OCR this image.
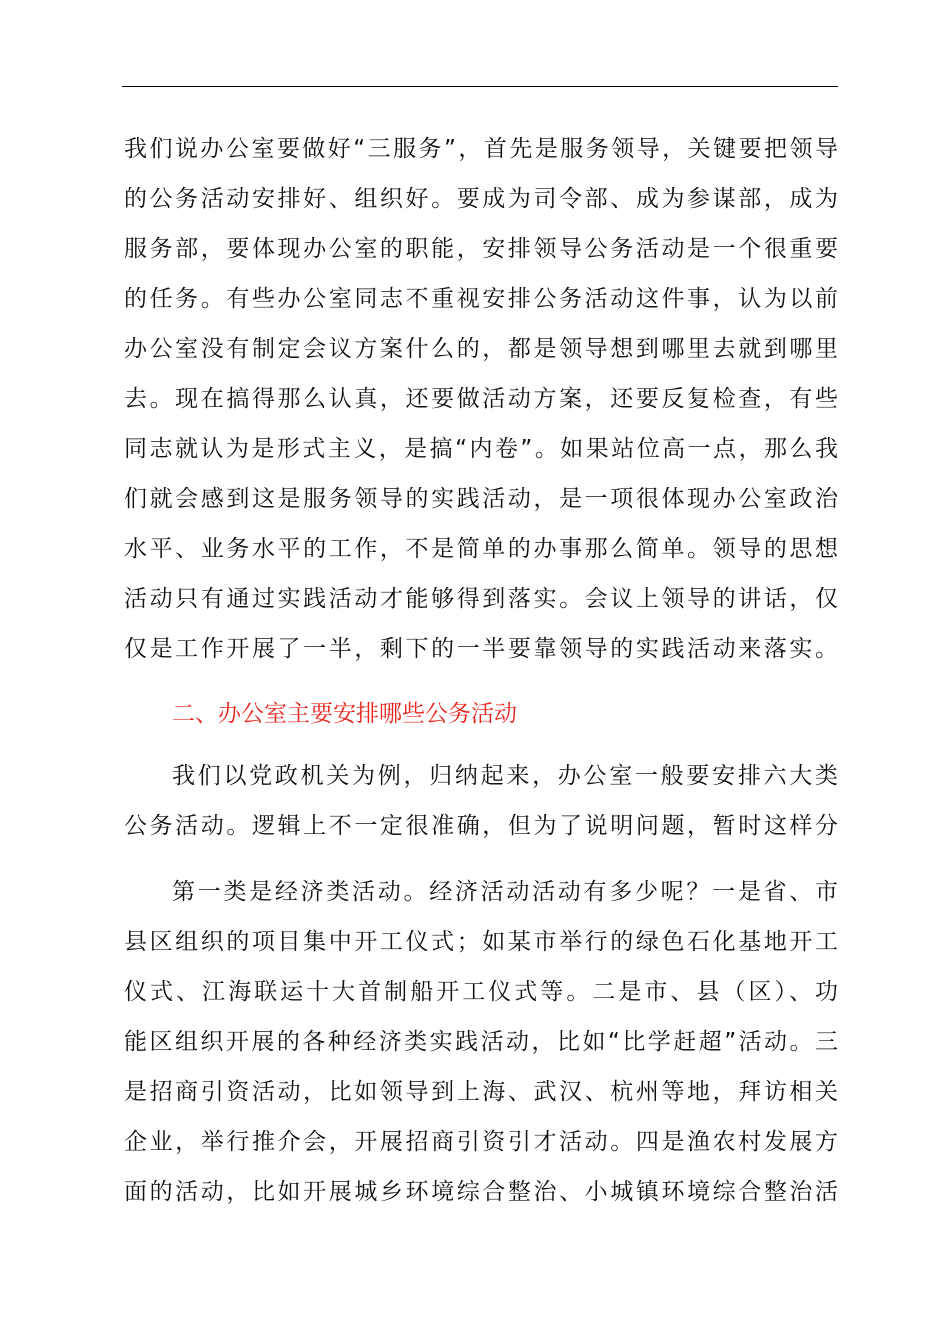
我们说办公室要做好“三服务”，首先是服务领导，关键要把领导
的公务活动安排好、组织好。要成为司令部、成为参谋部，成为
服务部，要体现办公室的职能，安排领导公务活动是一个很重要
的任务。有些办公室同志不重视安排公务活动这件事，认为以前
办公室没有制定会议方案什么的，都是领导想到哪里去就到哪里
去。现在搞得那么认真，还要做活动方案，还要反复检查，有些
同志就认为是形式主义，是搞“内卷”。如果站位高一点，那么我
们就会感到这是服务领导的实践活动，是一项很体现办公室政治
水平、业务水平的工作，不是简单的办事那么简单。领导的思想
活动只有通过实践活动才能够得到落实。会议上领导的讲话，仅
仅是工作开展了一半，剩下的一半要靠领导的实践活动来落实。
二、办公室主要安排哪些公务活动
我们以党政机关为例，归纳起来，办公室一般要安排六大类
公务活动。逻辑上不一定很准确，但为了说明问题，暂时这样分
第一类是经济类活动。经济活动活动有多少呢？一是省、市
县区组织的项目集中开工仪式；如某市举行的绿色石化基地开工
仪式、江海联运十大首制船开工仪式等。二是市、县（区）、功
能区组织开展的各种经济类实践活动，比如“比学赶超”活动。三
是招商引资活动，比如领导到上海、武汉、杭州等地，拜访相关
企业，举行推介会，开展招商引资引才活动。四是渔农村发展方
面的活动，比如开展城乡环境综合整治、小城镇环境综合整治活
